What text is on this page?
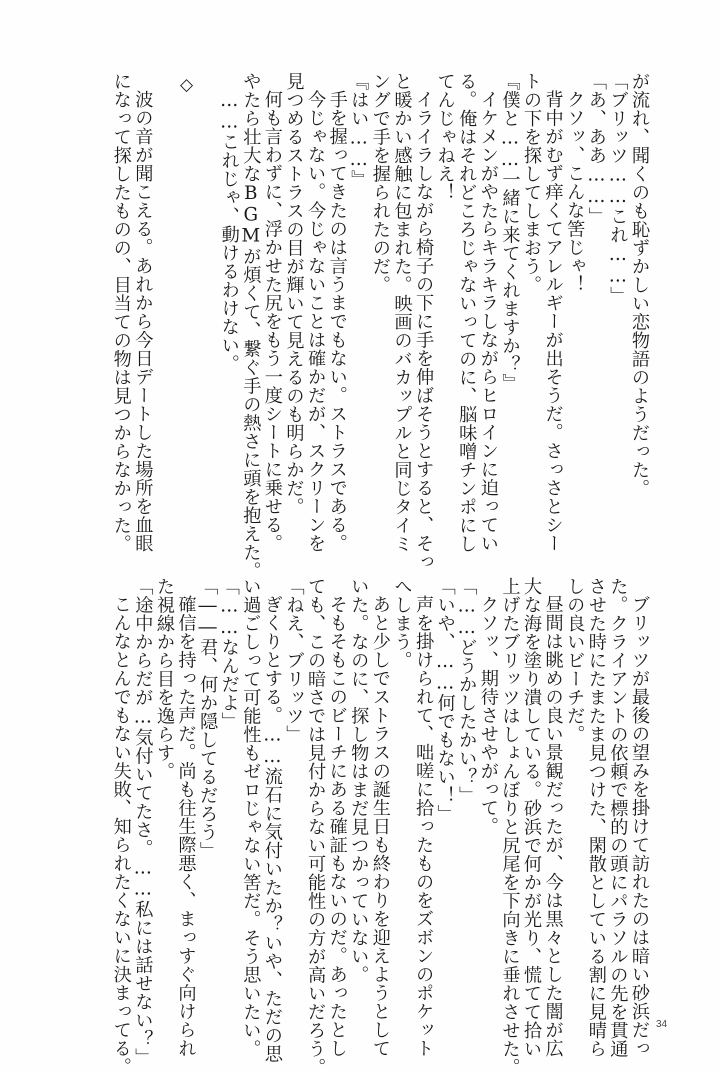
が流れ、聞くのも恥ずかしい恋物語のようだった。
「ブリッツ……これ……」
「あ、ああ……」
クソッ、こんな筈じゃ！
背中がむず痒くてアレルギーが出そうだ。さっさとシー
トの下を探してしまおう。
『僕と……一緒に来てくれますか？』
イケメンがやたらキラキラしながらヒロインに迫ってい
る。俺はそれどころじゃないってのに、脳味噌チンポにし
てんじゃねえ！
イライラしながら椅子の下に手を伸ばそうとすると、そっ
と暖かい感触に包まれた。映画のバカップルと同じタイミ
ングで手を握られたのだ。
『はい……』
手を握ってきたのは言うまでもない。ストラスである。
今じゃない。今じゃないことは確かだが、スクリーンを
見つめるストラスの目が輝いて見えるのも明らかだ。
何も言わずに、浮かせた尻をもう一度シートに乗せる。
やたら壮大なBGMが煩くて、繋ぐ手の熱さに頭を抱えた。
……これじゃ、動けるわけない。

◇

波の音が聞こえる。あれから今日デートした場所を血眼
になって探したものの、目当ての物は見つからなかった。
ブリッツが最後の望みを掛けて訪れたのは暗い砂浜だっ
た。クライアントの依頼で標的の頭にパラソルの先を貫通
させた時にたまたま見つけた、閑散としている割に見晴ら
しの良いビーチだ。
昼間は眺めの良い景観だったが、今は黒々とした闇が広
大な海を塗り潰している。砂浜で何かが光り、慌てて拾い
上げたブリッツはしょんぼりと尻尾を下向きに垂れさせた。
クソッ、期待させやがって。
「……どうかしたかい？」
「いや、……何でもない！」
声を掛けられて、咄嗟に拾ったものをズボンのポケット
へしまう。
あと少しでストラスの誕生日も終わりを迎えようとして
いた。なのに、探し物はまだ見つかっていない。
そもそもこのビーチにある確証もないのだ。あったとし
ても、この暗さでは見付からない可能性の方が高いだろう。
「ねえ、ブリッツ」
ぎくりとする。……流石に気付いたか？いや、ただの思
い過ごしって可能性もゼロじゃない筈だ。そう思いたい。
「……なんだよ」
「――君、何か隠してるだろう」
確信を持った声だ。尚も往生際悪く、まっすぐ向けられ
た視線から目を逸らす。
「途中からだが…気付いてたさ。……私には話せない？」
こんなとんでもない失敗、知られたくないに決まってる。	34
